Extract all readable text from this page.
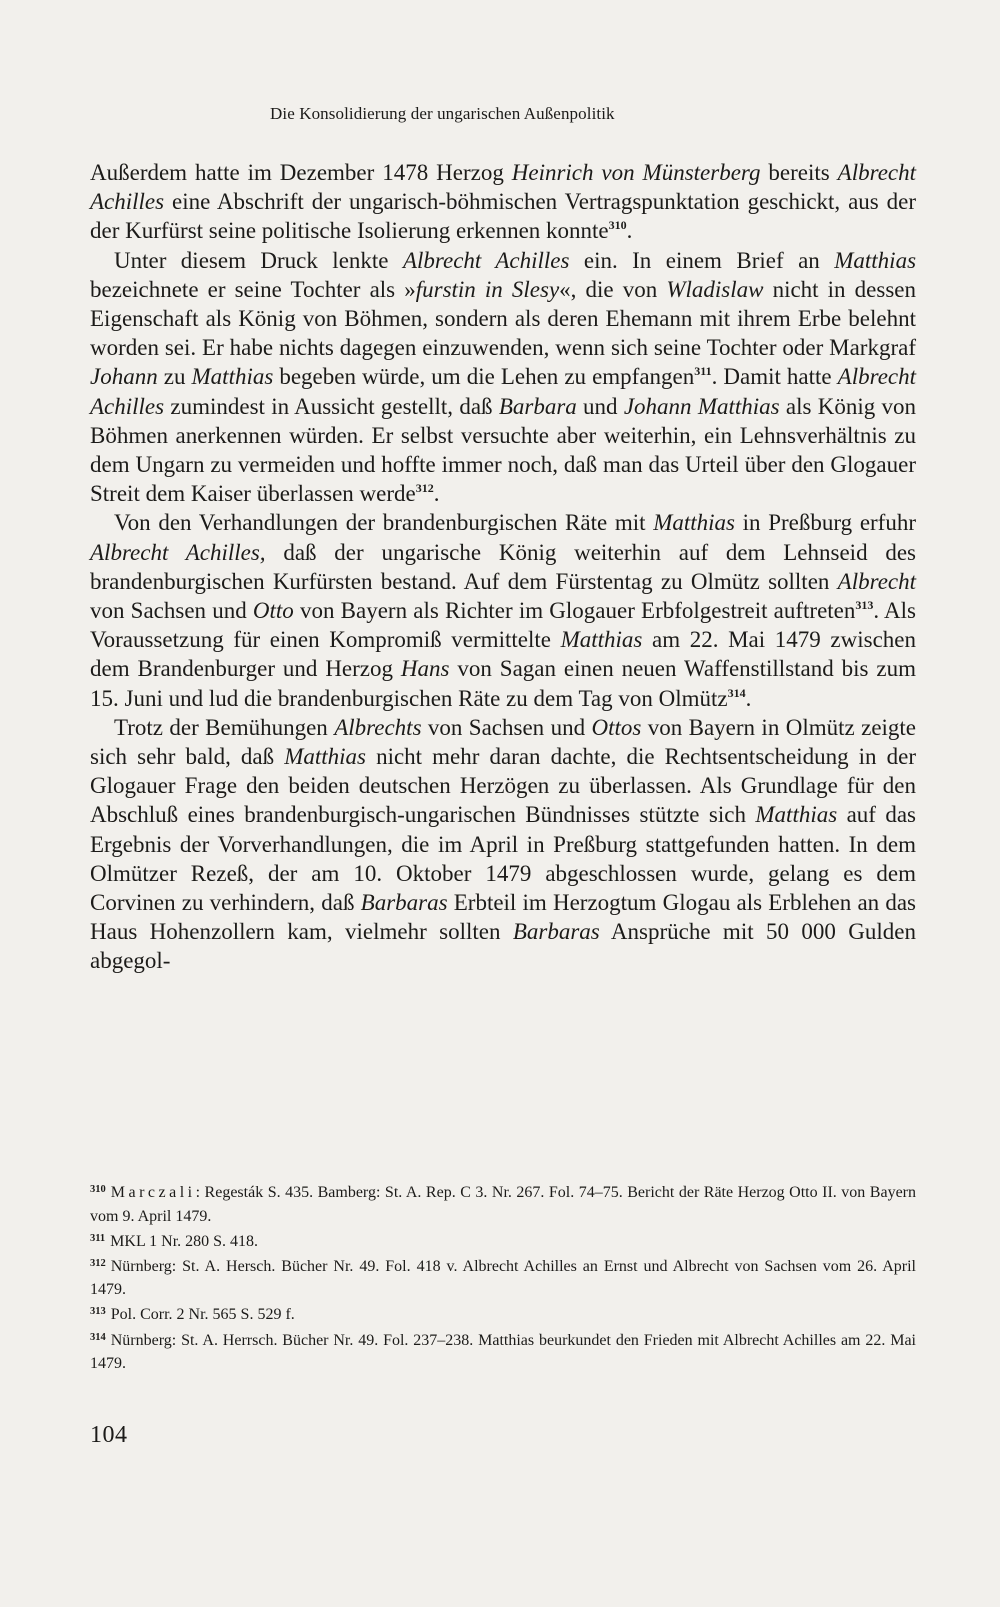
Die Konsolidierung der ungarischen Außenpolitik

Außerdem hatte im Dezember 1478 Herzog Heinrich von Münsterberg bereits Albrecht Achilles eine Abschrift der ungarisch-böhmischen Vertragspunktation geschickt, aus der der Kurfürst seine politische Isolierung erkennen konnte$^{310}$.

Unter diesem Druck lenkte Albrecht Achilles ein. In einem Brief an Matthias bezeichnete er seine Tochter als »furstin in Slesy«, die von Wladislaw nicht in dessen Eigenschaft als König von Böhmen, sondern als deren Ehemann mit ihrem Erbe belehnt worden sei. Er habe nichts dagegen einzuwenden, wenn sich seine Tochter oder Markgraf Johann zu Matthias begeben würde, um die Lehen zu empfangen$^{311}$. Damit hatte Albrecht Achilles zumindest in Aussicht gestellt, daß Barbara und Johann Matthias als König von Böhmen anerkennen würden. Er selbst versuchte aber weiterhin, ein Lehnsverhältnis zu dem Ungarn zu vermeiden und hoffte immer noch, daß man das Urteil über den Glogauer Streit dem Kaiser überlassen werde$^{312}$.

Von den Verhandlungen der brandenburgischen Räte mit Matthias in Preßburg erfuhr Albrecht Achilles, daß der ungarische König weiterhin auf dem Lehnseid des brandenburgischen Kurfürsten bestand. Auf dem Fürstentag zu Olmütz sollten Albrecht von Sachsen und Otto von Bayern als Richter im Glogauer Erbfolgestreit auftreten$^{313}$. Als Voraussetzung für einen Kompromiß vermittelte Matthias am 22. Mai 1479 zwischen dem Brandenburger und Herzog Hans von Sagan einen neuen Waffenstillstand bis zum 15. Juni und lud die brandenburgischen Räte zu dem Tag von Olmütz$^{314}$.

Trotz der Bemühungen Albrechts von Sachsen und Ottos von Bayern in Olmütz zeigte sich sehr bald, daß Matthias nicht mehr daran dachte, die Rechtsentscheidung in der Glogauer Frage den beiden deutschen Herzögen zu überlassen. Als Grundlage für den Abschluß eines brandenburgisch-ungarischen Bündnisses stützte sich Matthias auf das Ergebnis der Vorverhandlungen, die im April in Preßburg stattgefunden hatten. In dem Olmützer Rezeß, der am 10. Oktober 1479 abgeschlossen wurde, gelang es dem Corvinen zu verhindern, daß Barbaras Erbteil im Herzogtum Glogau als Erblehen an das Haus Hohenzollern kam, vielmehr sollten Barbaras Ansprüche mit 50 000 Gulden abgegol-

$^{310}$ Marczali: Regesták S. 435. Bamberg: St. A. Rep. C 3. Nr. 267. Fol. 74–75. Bericht der Räte Herzog Otto II. von Bayern vom 9. April 1479.

$^{311}$ MKL 1 Nr. 280 S. 418.

$^{312}$ Nürnberg: St. A. Hersch. Bücher Nr. 49. Fol. 418 v. Albrecht Achilles an Ernst und Albrecht von Sachsen vom 26. April 1479.

$^{313}$ Pol. Corr. 2 Nr. 565 S. 529 f.

$^{314}$ Nürnberg: St. A. Herrsch. Bücher Nr. 49. Fol. 237–238. Matthias beurkundet den Frieden mit Albrecht Achilles am 22. Mai 1479.

104
